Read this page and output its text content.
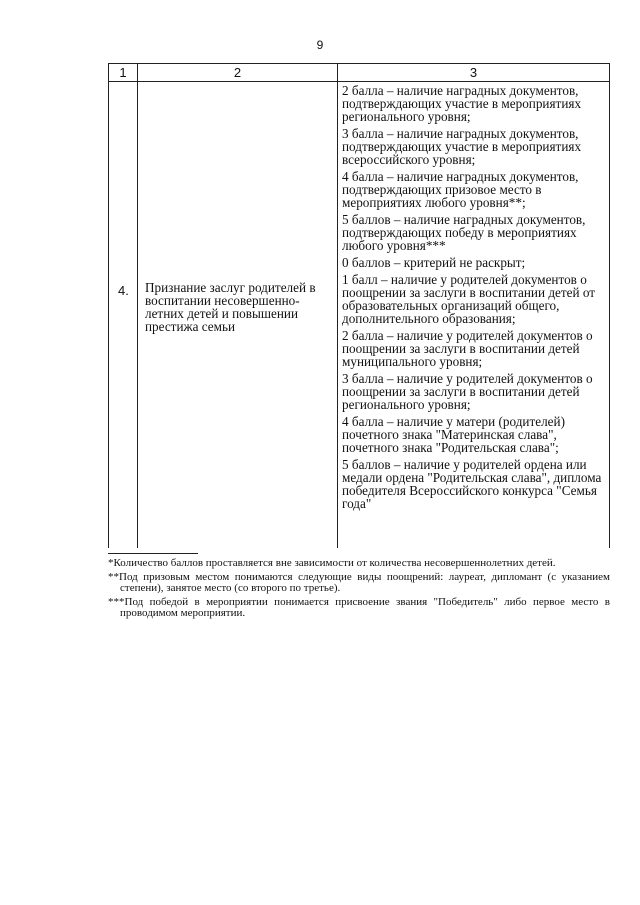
9
1	2	3

2 балла – наличие наградных документов, подтверждающих участие в мероприятиях регионального уровня;

3 балла – наличие наградных документов, подтверждающих участие в мероприятиях всероссийского уровня;

4 балла – наличие наградных документов, подтверждающих призовое место в мероприятиях любого уровня**;

5 баллов – наличие наградных документов, подтверждающих победу в мероприятиях любого уровня***

0 баллов – критерий не раскрыт;

1 балл – наличие у родителей документов о поощрении за заслуги в воспитании детей от образовательных организаций общего, дополнительного образования;

2 балла – наличие у родителей документов о поощрении за заслуги в воспитании детей муниципального уровня;

3 балла – наличие у родителей документов о поощрении за заслуги в воспитании детей регионального уровня;

4 балла – наличие у матери (родителей) почетного знака "Материнская слава", почетного знака "Родительская слава";

5 баллов – наличие у родителей ордена или медали ордена "Родительская слава", диплома победителя Всероссийского конкурса "Семья года"

4. Признание заслуг родителей в воспитании несовершенно-летних детей и повышении престижа семьи

*Количество баллов проставляется вне зависимости от количества несовершеннолетних детей.

**Под призовым местом понимаются следующие виды поощрений: лауреат, дипломант (с указанием степени), занятое место (со второго по третье).

***Под победой в мероприятии понимается присвоение звания "Победитель" либо первое место в проводимом мероприятии.
